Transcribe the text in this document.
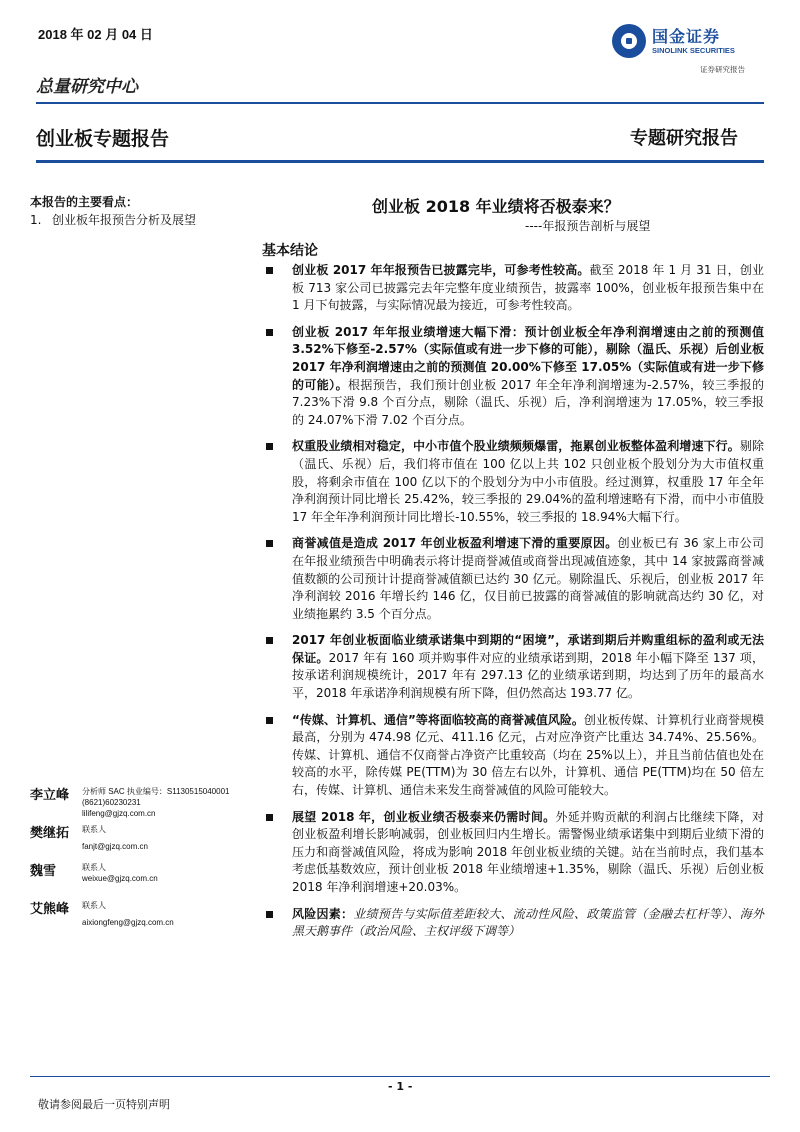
2018 年 02 月 04 日	国金证券
SINOLINK SECURITIES
证券研究报告
总量研究中心
创业板专题报告	专题研究报告
本报告的主要看点：
1. 创业板年报预告分析及展望
创业板 2018 年业绩将否极泰来？
----年报预告剖析与展望
基本结论
创业板 2017 年年报预告已披露完毕，可参考性较高。截至 2018 年 1 月 31 日，创业板 713 家公司已披露完去年完整年度业绩预告，披露率 100%，创业板年报预告集中在 1 月下旬披露，与实际情况最为接近，可参考性较高。
创业板 2017 年年报业绩增速大幅下滑：预计创业板全年净利润增速由之前的预测值 3.52%下修至-2.57%（实际值或有进一步下修的可能），剔除（温氏、乐视）后创业板 2017 年净利润增速由之前的预测值 20.00%下修至 17.05%（实际值或有进一步下修的可能）。根据预告，我们预计创业板 2017 年全年净利润增速为-2.57%，较三季报的 7.23%下滑 9.8 个百分点，剔除（温氏、乐视）后，净利润增速为 17.05%，较三季报的 24.07%下滑 7.02 个百分点。
权重股业绩相对稳定，中小市值个股业绩频频爆雷，拖累创业板整体盈利增速下行。剔除（温氏、乐视）后，我们将市值在 100 亿以上共 102 只创业板个股划分为大市值权重股，将剩余市值在 100 亿以下的个股划分为中小市值股。经过测算，权重股 17 年全年净利润预计同比增长 25.42%，较三季报的 29.04%的盈利增速略有下滑，而中小市值股 17 年全年净利润预计同比增长-10.55%，较三季报的 18.94%大幅下行。
商誉减值是造成 2017 年创业板盈利增速下滑的重要原因。创业板已有 36 家上市公司在年报业绩预告中明确表示将计提商誉减值或商誉出现减值迹象，其中 14 家披露商誉减值数额的公司预计计提商誉减值额已达约 30 亿元。剔除温氏、乐视后，创业板 2017 年净利润较 2016 年增长约 146 亿，仅目前已披露的商誉减值的影响就高达约 30 亿，对业绩拖累约 3.5 个百分点。
2017 年创业板面临业绩承诺集中到期的“困境”，承诺到期后并购重组标的盈利或无法保证。2017 年有 160 项并购事件对应的业绩承诺到期，2018 年小幅下降至 137 项，按承诺利润规模统计，2017 年有 297.13 亿的业绩承诺到期，均达到了历年的最高水平，2018 年承诺净利润规模有所下降，但仍然高达 193.77 亿。
“传媒、计算机、通信”等将面临较高的商誉减值风险。创业板传媒、计算机行业商誉规模最高，分别为 474.98 亿元、411.16 亿元，占对应净资产比重达 34.74%、25.56%。传媒、计算机、通信不仅商誉占净资产比重较高（均在 25%以上），并且当前估值也处在较高的水平，除传媒 PE(TTM)为 30 倍左右以外，计算机、通信 PE(TTM)均在 50 倍左右，传媒、计算机、通信未来发生商誉减值的风险可能较大。
展望 2018 年，创业板业绩否极泰来仍需时间。外延并购贡献的利润占比继续下降，对创业板盈利增长影响减弱，创业板回归内生增长。需警惕业绩承诺集中到期后业绩下滑的压力和商誉减值风险，将成为影响 2018 年创业板业绩的关键。站在当前时点，我们基本考虑低基数效应，预计创业板 2018 年业绩增速+1.35%，剔除（温氏、乐视）后创业板 2018 年净利润增速+20.03%。
风险因素：业绩预告与实际值差距较大、流动性风险、政策监管（金融去杠杆等）、海外黑天鹅事件（政治风险、主权评级下调等）
李立峰 分析师 SAC 执业编号：S1130515040001
(8621)60230231
lilifeng@gjzq.com.cn
樊继拓 联系人
fanjt@gjzq.com.cn
魏雪	联系人
weixue@gjzq.com.cn
艾熊峰 联系人
aixiongfeng@gjzq.com.cn
- 1 -
敬请参阅最后一页特别声明
